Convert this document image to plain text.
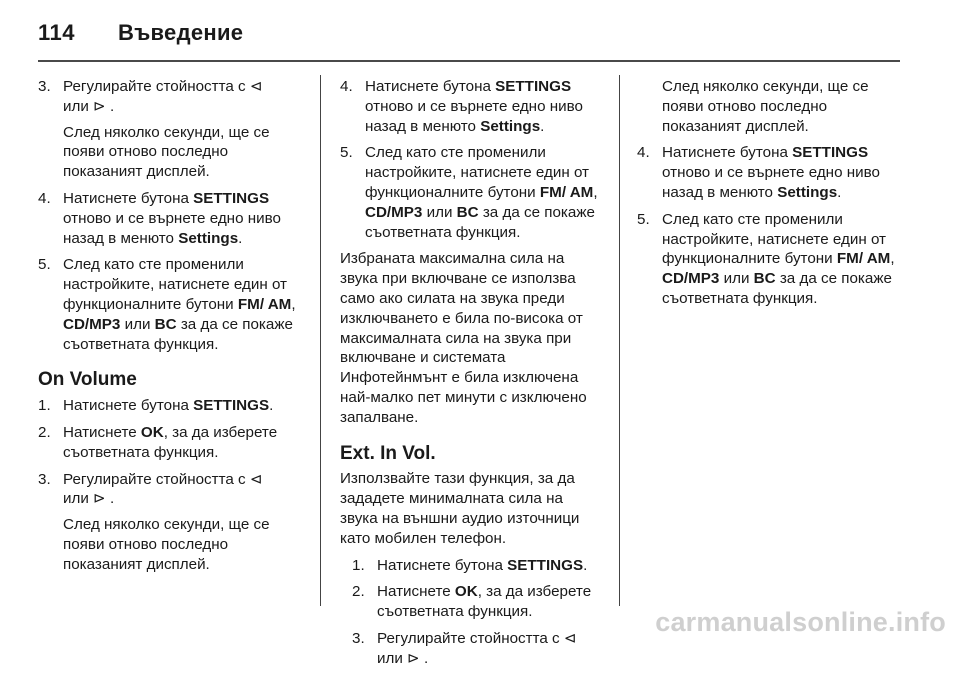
114 Въведение
3. Регулирайте стойността с ⊲
или ⊳ .
След няколко секунди, ще се появи отново последно показаният дисплей.
4. Натиснете бутона SETTINGS отново и се върнете едно ниво назад в менюто Settings.
5. След като сте променили настройките, натиснете един от функционалните бутони FM/ AM, CD/MP3 или BC за да се покаже съответната функция.
On Volume
1. Натиснете бутона SETTINGS.
2. Натиснете OK, за да изберете съответната функция.
3. Регулирайте стойността с ⊲
или ⊳ .
След няколко секунди, ще се появи отново последно показаният дисплей.
4. Натиснете бутона SETTINGS отново и се върнете едно ниво назад в менюто Settings.
5. След като сте променили настройките, натиснете един от функционалните бутони FM/ AM, CD/MP3 или BC за да се покаже съответната функция.
Избраната максимална сила на звука при включване се използва само ако силата на звука преди изключването е била по-висока от максималната сила на звука при включване и системата Инфотейнмънт е била изключена най-малко пет минути с изключено запалване.
Ext. In Vol.
Използвайте тази функция, за да зададете минималната сила на звука на външни аудио източници като мобилен телефон.
1. Натиснете бутона SETTINGS.
2. Натиснете OK, за да изберете съответната функция.
3. Регулирайте стойността с ⊲
или ⊳ .
След няколко секунди, ще се появи отново последно показаният дисплей.
4. Натиснете бутона SETTINGS отново и се върнете едно ниво назад в менюто Settings.
5. След като сте променили настройките, натиснете един от функционалните бутони FM/ AM, CD/MP3 или BC за да се покаже съответната функция.
carmanualsonline.info
